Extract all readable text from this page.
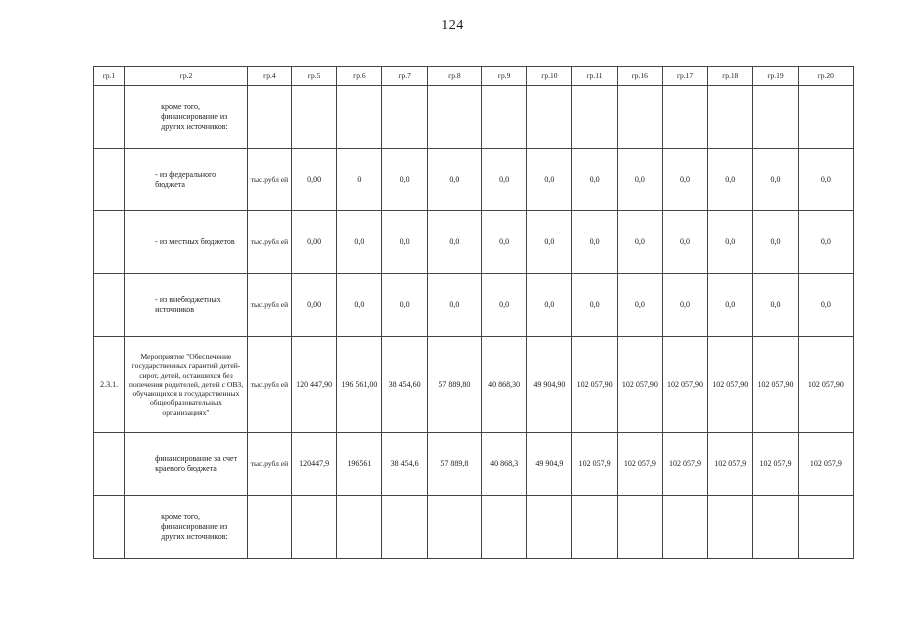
124
гр.1	гр.2	гр.4	гр.5	гр.6	гр.7	гр.8	гр.9	гр.10	гр.11	гр.16	гр.17	гр.18	гр.19	гр.20
	кроме того, финансирование из других источников:													
	- из федерального бюджета	тыс.рубл ей	0,00	0	0,0	0,0	0,0	0,0	0,0	0,0	0,0	0,0	0,0	0,0
	- из местных бюджетов	тыс.рубл ей	0,00	0,0	0,0	0,0	0,0	0,0	0,0	0,0	0,0	0,0	0,0	0,0
	- из внебюджетных источников	тыс.рубл ей	0,00	0,0	0,0	0,0	0,0	0,0	0,0	0,0	0,0	0,0	0,0	0,0
2.3.1.	Мероприятие "Обеспечение государственных гарантий детей-сирот, детей, оставшихся без попечения родителей, детей с ОВЗ, обучающихся в государственных общеобразовательных организациях"	тыс.рубл ей	120 447,90	196 561,00	38 454,60	57 889,80	40 868,30	49 904,90	102 057,90	102 057,90	102 057,90	102 057,90	102 057,90	102 057,90
	финансирование за счет краевого бюджета	тыс.рубл ей	120447,9	196561	38 454,6	57 889,8	40 868,3	49 904,9	102 057,9	102 057,9	102 057,9	102 057,9	102 057,9	102 057,9
	кроме того, финансирование из других источников:													
